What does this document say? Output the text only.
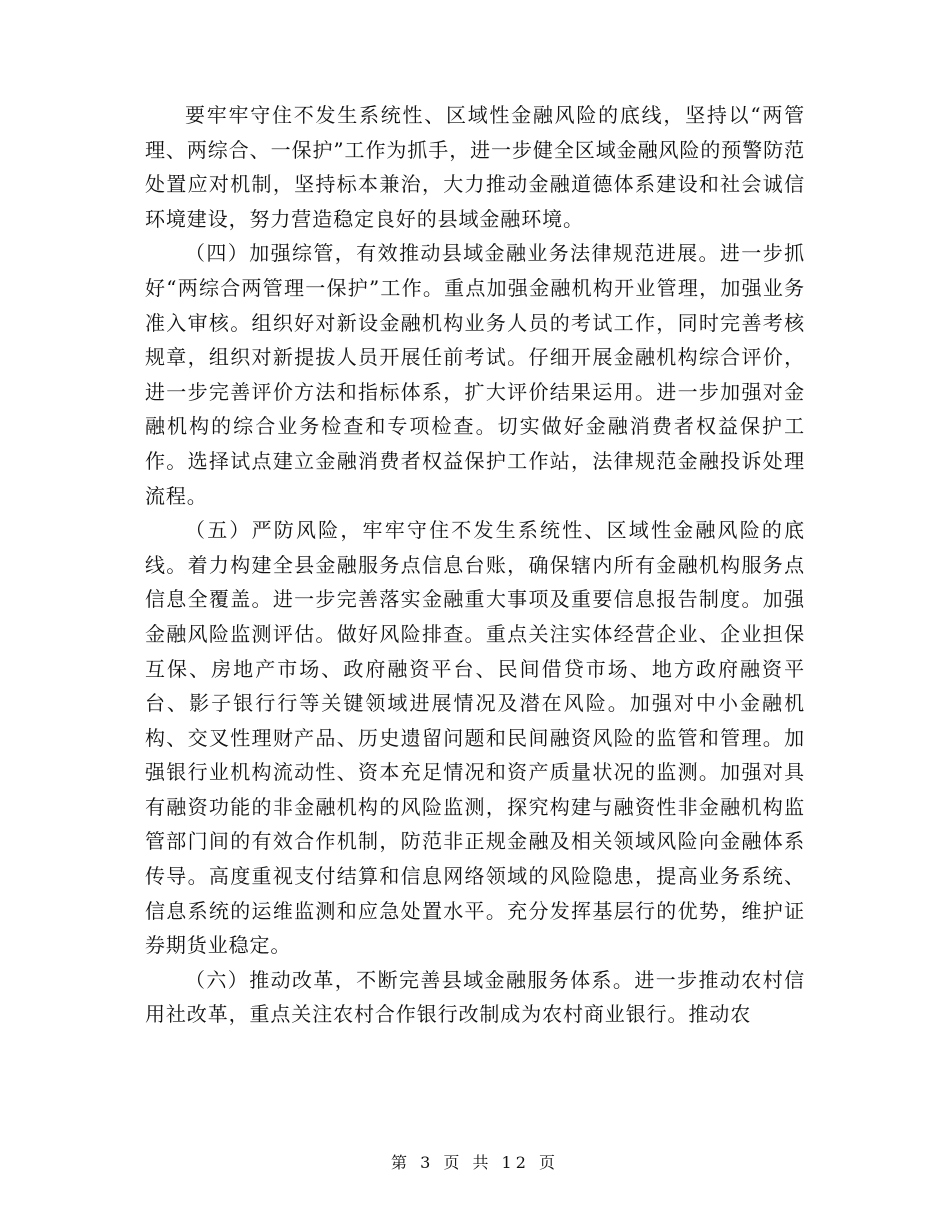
要牢牢守住不发生系统性、区域性金融风险的底线，坚持以“两管理、两综合、一保护”工作为抓手，进一步健全区域金融风险的预警防范处置应对机制，坚持标本兼治，大力推动金融道德体系建设和社会诚信环境建设，努力营造稳定良好的县域金融环境。

（四）加强综管，有效推动县域金融业务法律规范进展。进一步抓好“两综合两管理一保护”工作。重点加强金融机构开业管理，加强业务准入审核。组织好对新设金融机构业务人员的考试工作，同时完善考核规章，组织对新提拔人员开展任前考试。仔细开展金融机构综合评价，进一步完善评价方法和指标体系，扩大评价结果运用。进一步加强对金融机构的综合业务检查和专项检查。切实做好金融消费者权益保护工作。选择试点建立金融消费者权益保护工作站，法律规范金融投诉处理流程。

（五）严防风险，牢牢守住不发生系统性、区域性金融风险的底线。着力构建全县金融服务点信息台账，确保辖内所有金融机构服务点信息全覆盖。进一步完善落实金融重大事项及重要信息报告制度。加强金融风险监测评估。做好风险排查。重点关注实体经营企业、企业担保互保、房地产市场、政府融资平台、民间借贷市场、地方政府融资平台、影子银行行等关键领域进展情况及潜在风险。加强对中小金融机构、交叉性理财产品、历史遗留问题和民间融资风险的监管和管理。加强银行业机构流动性、资本充足情况和资产质量状况的监测。加强对具有融资功能的非金融机构的风险监测，探究构建与融资性非金融机构监管部门间的有效合作机制，防范非正规金融及相关领域风险向金融体系传导。高度重视支付结算和信息网络领域的风险隐患，提高业务系统、信息系统的运维监测和应急处置水平。充分发挥基层行的优势，维护证券期货业稳定。

（六）推动改革，不断完善县域金融服务体系。进一步推动农村信用社改革，重点关注农村合作银行改制成为农村商业银行。推动农

第 3 页 共 12 页
